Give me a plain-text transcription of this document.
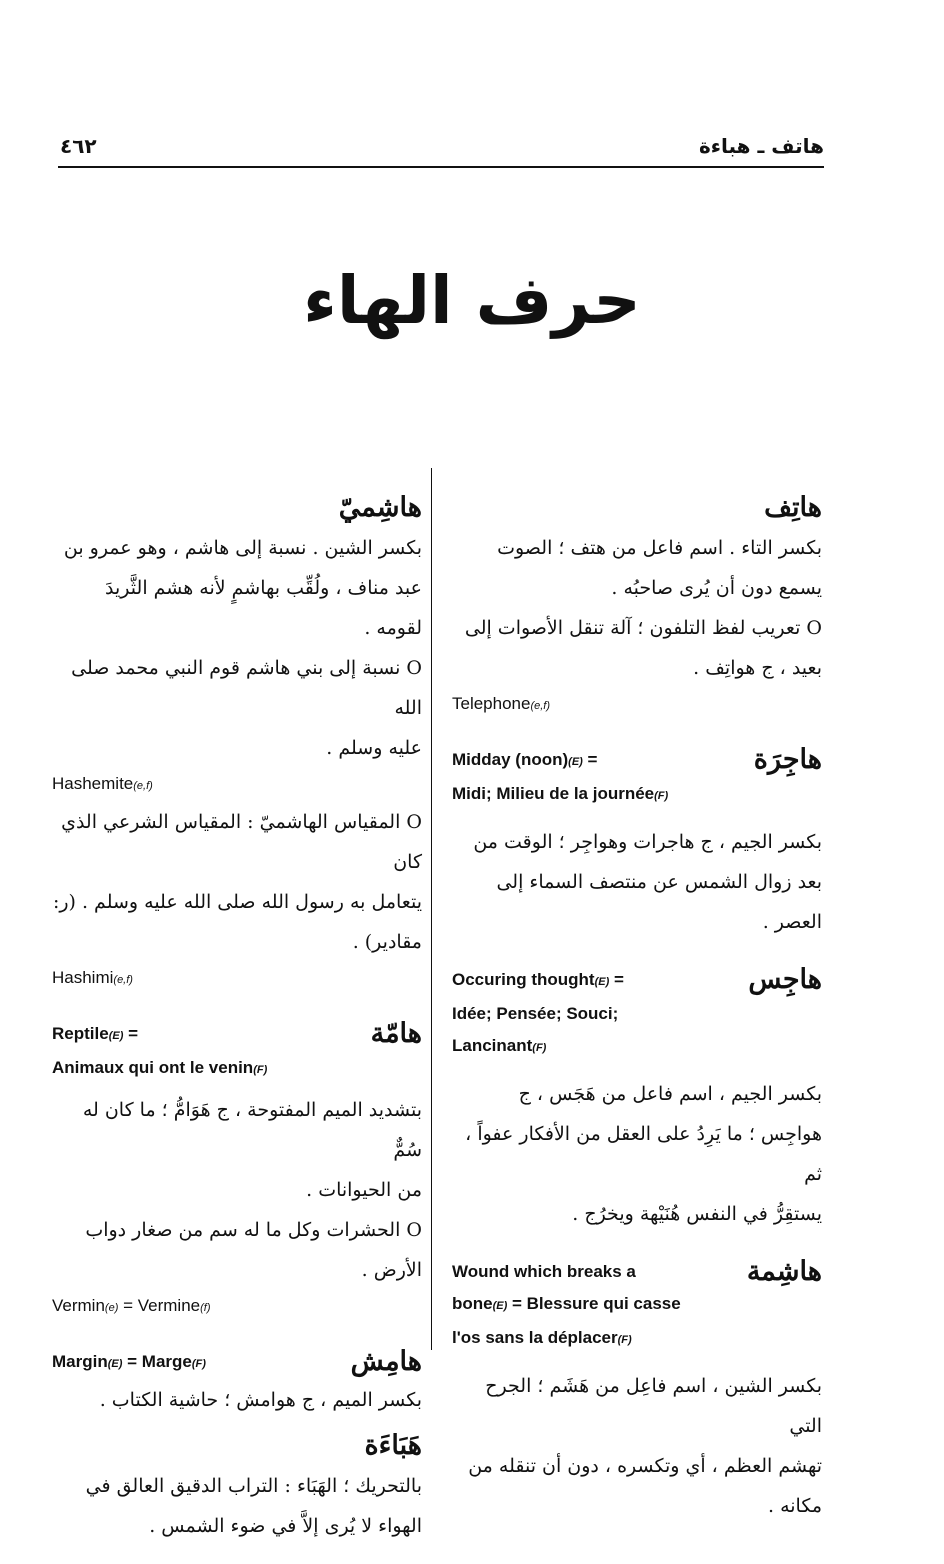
هاتف ـ هباءة
٤٦٢
حرف الهاء
هاتِف

بكسر التاء . اسم فاعل من هتف ؛ الصوت

يسمع دون أن يُرى صاحبُه .

O تعريب لفظ التلفون ؛ آلة تنقل الأصوات إلى

بعيد ، ج هواتِف .

Telephone(e,f)
هاجِرَة
Midday (noon)(E) =
Midi; Milieu de la journée(F)

بكسر الجيم ، ج هاجرات وهواجِر ؛ الوقت من

بعد زوال الشمس عن منتصف السماء إلى العصر .

هاجِس
Occuring thought(E) =
Idée; Pensée; Souci; Lancinant(F)

بكسر الجيم ، اسم فاعل من هَجَس ، ج

هواجِس ؛ ما يَرِدُ على العقل من الأفكار عفواً ، ثم

يستقِرُّ في النفس هُنَيْهة ويخرُج .

هاشِمة
Wound which breaks a
bone(E) = Blessure qui casse
l'os sans la déplacer(F)

بكسر الشين ، اسم فاعِل من هَشَم ؛ الجرح التي

تهشم العظم ، أي وتكسره ، دون أن تنقله من

مكانه .

هاشِميّ

بكسر الشين . نسبة إلى هاشم ، وهو عمرو بن

عبد مناف ، ولُقِّب بهاشمٍ لأنه هشم الثَّريدَ

لقومه .

O نسبة إلى بني هاشم قوم النبي محمد صلى الله

عليه وسلم .

Hashemite(e,f)

O المقياس الهاشميّ : المقياس الشرعي الذي كان

يتعامل به رسول الله صلى الله عليه وسلم . (ر:

مقادير) .

Hashimi(e,f)
هامّة
Reptile(E) =
Animaux qui ont le venin(F)

بتشديد الميم المفتوحة ، ج هَوَامُّ ؛ ما كان له سُمٌّ

من الحيوانات .

O الحشرات وكل ما له سم من صغار دواب

الأرض .

Vermin(e) = Vermine(f)
هامِش
Margin(E) = Marge(F)

بكسر الميم ، ج هوامش ؛ حاشية الكتاب .

هَبَاءَة

بالتحريك ؛ الهَبَاء : التراب الدقيق العالق في

الهواء لا يُرى إلاَّ في ضوء الشمس .
